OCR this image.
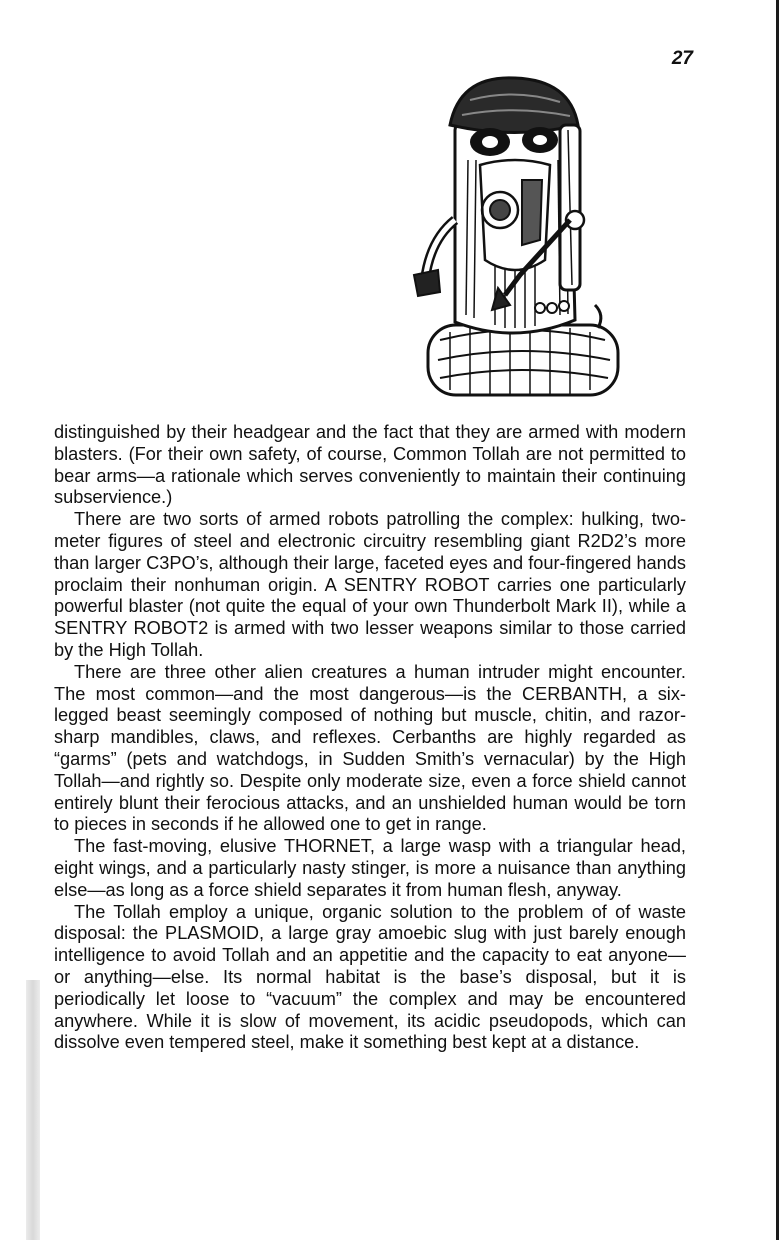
27

distinguished by their headgear and the fact that they are armed with modern blasters. (For their own safety, of course, Common Tollah are not permitted to bear arms—a rationale which serves conveniently to maintain their continuing subservience.)

There are two sorts of armed robots patrolling the complex: hulking, two-meter figures of steel and electronic circuitry resembling giant R2D2’s more than larger C3PO’s, although their large, faceted eyes and four-fingered hands proclaim their nonhuman origin. A SENTRY ROBOT carries one particularly powerful blaster (not quite the equal of your own Thunderbolt Mark II), while a SENTRY ROBOT2 is armed with two lesser weapons similar to those carried by the High Tollah.

There are three other alien creatures a human intruder might encounter. The most common—and the most dangerous—is the CERBANTH, a six-legged beast seemingly composed of nothing but muscle, chitin, and razor-sharp mandibles, claws, and reflexes. Cerbanths are highly regarded as “garms” (pets and watchdogs, in Sudden Smith’s vernacular) by the High Tollah—and rightly so. Despite only moderate size, even a force shield cannot entirely blunt their ferocious attacks, and an unshielded human would be torn to pieces in seconds if he allowed one to get in range.

The fast-moving, elusive THORNET, a large wasp with a triangular head, eight wings, and a particularly nasty stinger, is more a nuisance than anything else—as long as a force shield separates it from human flesh, anyway.

The Tollah employ a unique, organic solution to the problem of of waste disposal: the PLASMOID, a large gray amoebic slug with just barely enough intelligence to avoid Tollah and an appetitie and the capacity to eat anyone—or anything—else. Its normal habitat is the base’s disposal, but it is periodically let loose to “vacuum” the complex and may be encountered anywhere. While it is slow of movement, its acidic pseudopods, which can dissolve even tempered steel, make it something best kept at a distance.
